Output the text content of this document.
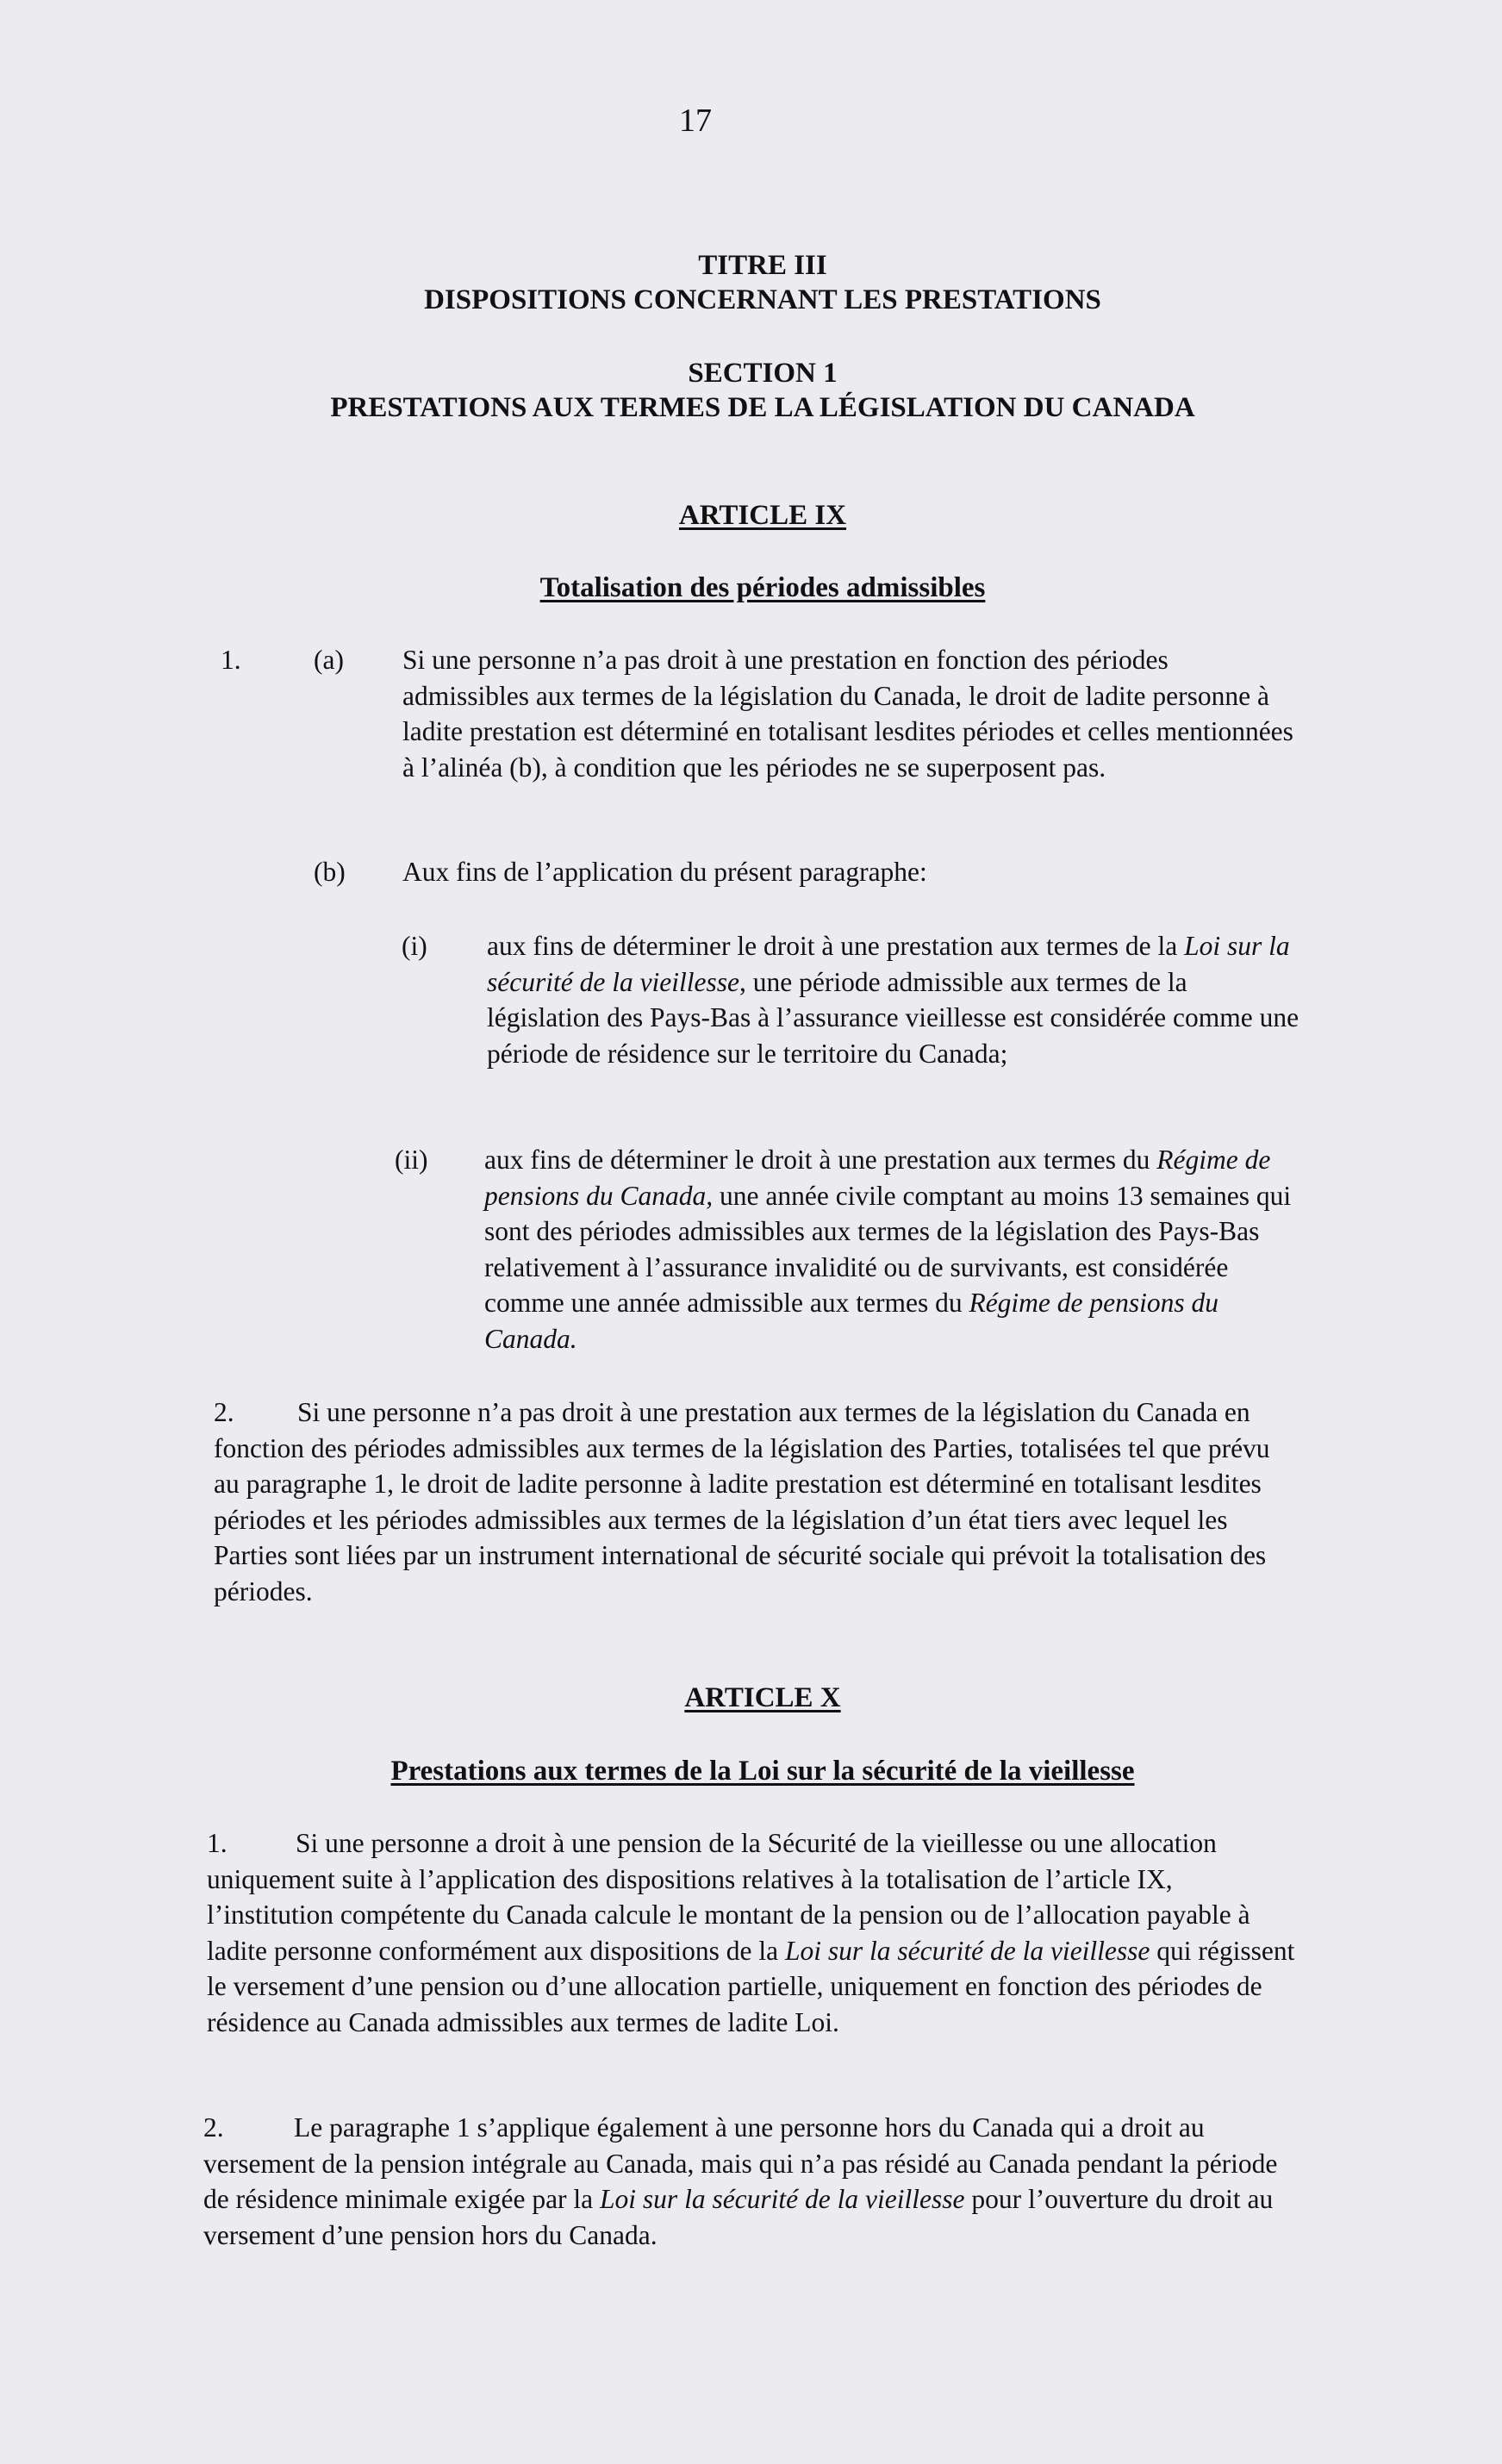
17
TITRE III
DISPOSITIONS CONCERNANT LES PRESTATIONS
SECTION 1
PRESTATIONS AUX TERMES DE LA LÉGISLATION DU CANADA
ARTICLE IX
Totalisation des périodes admissibles
1.	(a) Si une personne n’a pas droit à une prestation en fonction des périodes admissibles aux termes de la législation du Canada, le droit de ladite personne à ladite prestation est déterminé en totalisant lesdites périodes et celles mentionnées à l’alinéa (b), à condition que les périodes ne se superposent pas.

(b) Aux fins de l’application du présent paragraphe:

(i) aux fins de déterminer le droit à une prestation aux termes de la Loi sur la sécurité de la vieillesse, une période admissible aux termes de la législation des Pays-Bas à l’assurance vieillesse est considérée comme une période de résidence sur le territoire du Canada;

(ii) aux fins de déterminer le droit à une prestation aux termes du Régime de pensions du Canada, une année civile comptant au moins 13 semaines qui sont des périodes admissibles aux termes de la législation des Pays-Bas relativement à l’assurance invalidité ou de survivants, est considérée comme une année admissible aux termes du Régime de pensions du Canada.

2.	Si une personne n’a pas droit à une prestation aux termes de la législation du Canada en fonction des périodes admissibles aux termes de la législation des Parties, totalisées tel que prévu au paragraphe 1, le droit de ladite personne à ladite prestation est déterminé en totalisant lesdites périodes et les périodes admissibles aux termes de la législation d’un état tiers avec lequel les Parties sont liées par un instrument international de sécurité sociale qui prévoit la totalisation des périodes.

ARTICLE X
Prestations aux termes de la Loi sur la sécurité de la vieillesse
1.	Si une personne a droit à une pension de la Sécurité de la vieillesse ou une allocation uniquement suite à l’application des dispositions relatives à la totalisation de l’article IX, l’institution compétente du Canada calcule le montant de la pension ou de l’allocation payable à ladite personne conformément aux dispositions de la Loi sur la sécurité de la vieillesse qui régissent le versement d’une pension ou d’une allocation partielle, uniquement en fonction des périodes de résidence au Canada admissibles aux termes de ladite Loi.

2.	Le paragraphe 1 s’applique également à une personne hors du Canada qui a droit au versement de la pension intégrale au Canada, mais qui n’a pas résidé au Canada pendant la période de résidence minimale exigée par la Loi sur la sécurité de la vieillesse pour l’ouverture du droit au versement d’une pension hors du Canada.
